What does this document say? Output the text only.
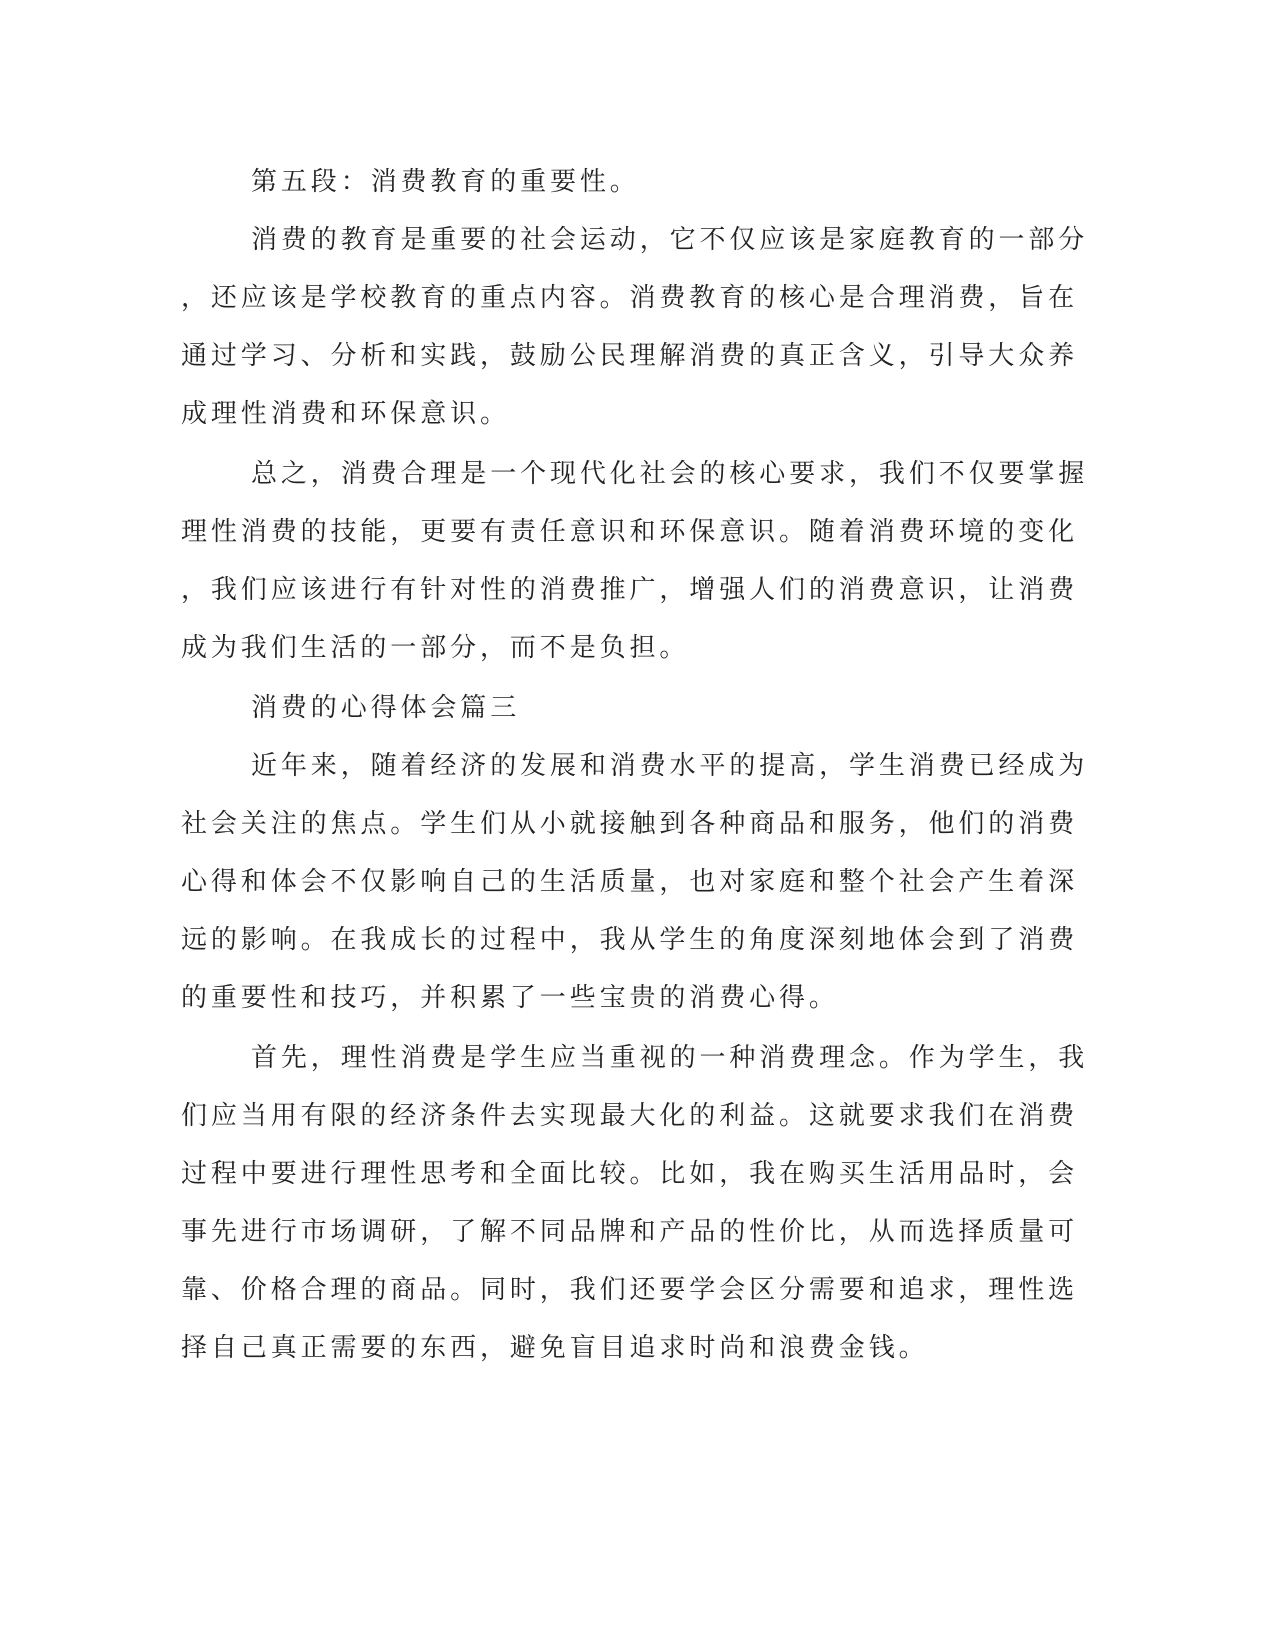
第五段：消费教育的重要性。
消费的教育是重要的社会运动，它不仅应该是家庭教育的一部分
，还应该是学校教育的重点内容。消费教育的核心是合理消费，旨在
通过学习、分析和实践，鼓励公民理解消费的真正含义，引导大众养
成理性消费和环保意识。
总之，消费合理是一个现代化社会的核心要求，我们不仅要掌握
理性消费的技能，更要有责任意识和环保意识。随着消费环境的变化
，我们应该进行有针对性的消费推广，增强人们的消费意识，让消费
成为我们生活的一部分，而不是负担。
消费的心得体会篇三
近年来，随着经济的发展和消费水平的提高，学生消费已经成为
社会关注的焦点。学生们从小就接触到各种商品和服务，他们的消费
心得和体会不仅影响自己的生活质量，也对家庭和整个社会产生着深
远的影响。在我成长的过程中，我从学生的角度深刻地体会到了消费
的重要性和技巧，并积累了一些宝贵的消费心得。
首先，理性消费是学生应当重视的一种消费理念。作为学生，我
们应当用有限的经济条件去实现最大化的利益。这就要求我们在消费
过程中要进行理性思考和全面比较。比如，我在购买生活用品时，会
事先进行市场调研，了解不同品牌和产品的性价比，从而选择质量可
靠、价格合理的商品。同时，我们还要学会区分需要和追求，理性选
择自己真正需要的东西，避免盲目追求时尚和浪费金钱。
